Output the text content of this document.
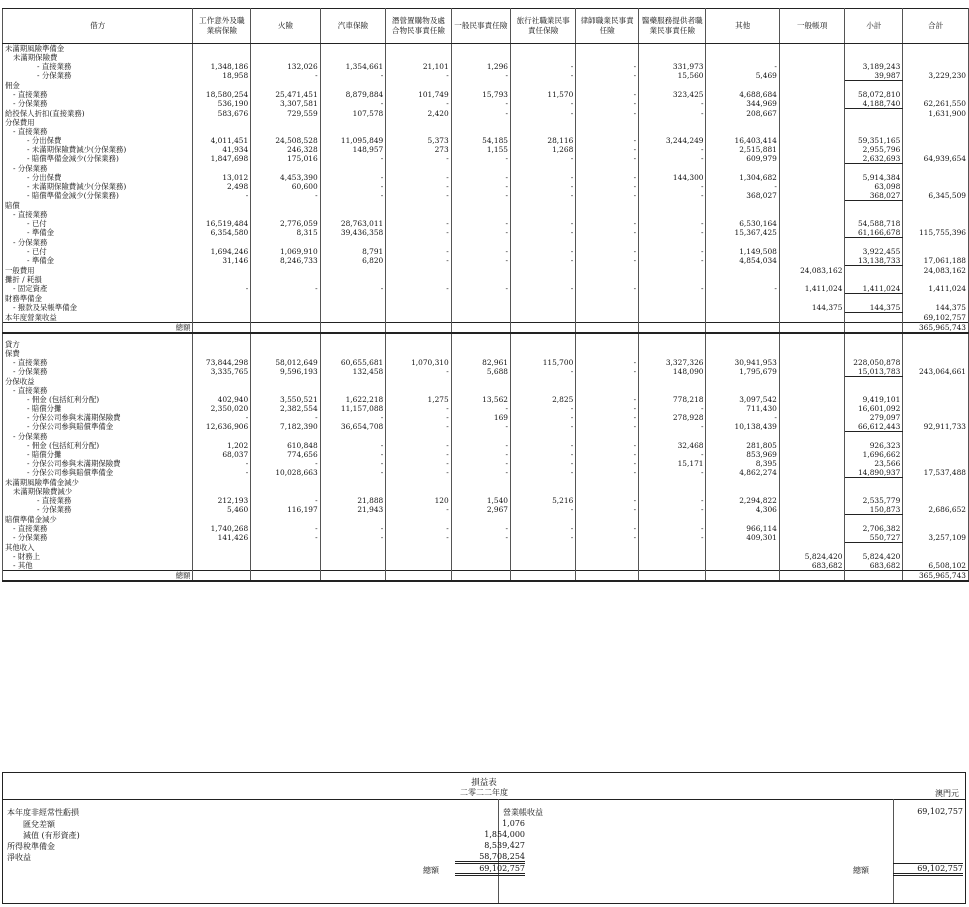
借方	工作意外及職業病保險	火險	汽車保險	潛營置購物及處合物民事責任險	一般民事責任險	旅行社職業民事責任保險	律師職業民事責任險	醫藥服務提供者職業民事責任險	其他	一般帳項	小計	合計
未滿期風險準備金												
未滿期保險費												
- 直接業務	1,348,186	132,026	1,354,661	21,101	1,296	-	-	331,973	-		3,189,243	
- 分保業務	18,958	-	-	-	-	-	-	15,560	5,469		39,987	3,229,230
佣金												
- 直接業務	18,580,254	25,471,451	8,879,884	101,749	15,793	11,570	-	323,425	4,688,684		58,072,810	
- 分保業務	536,190	3,307,581	-	-	-	-	-	-	344,969		4,188,740	62,261,550
給投保人折扣(直接業務)	583,676	729,559	107,578	2,420	-	-	-	-	208,667			1,631,900
分保費用												
- 直接業務												
- 分出保費	4,011,451	24,508,528	11,095,849	5,373	54,185	28,116	-	3,244,249	16,403,414		59,351,165	
- 未滿期保險費減少(分保業務)	41,934	246,328	148,957	273	1,155	1,268	-	-	2,515,881		2,955,796	
- 賠償準備金減少(分保業務)	1,847,698	175,016	-	-	-	-	-	-	609,979		2,632,693	64,939,654
- 分保業務												
- 分出保費	13,012	4,453,390	-	-	-	-	-	144,300	1,304,682		5,914,384	
- 未滿期保險費減少(分保業務)	2,498	60,600	-	-	-	-	-	-	-		63,098	
- 賠償準備金減少(分保業務)	-	-	-	-	-	-	-	-	368,027		368,027	6,345,509
賠償												
- 直接業務												
- 已付	16,519,484	2,776,059	28,763,011	-	-	-	-	-	6,530,164		54,588,718	
- 準備金	6,354,580	8,315	39,436,358	-	-	-	-	-	15,367,425		61,166,678	115,755,396
- 分保業務												
- 已付	1,694,246	1,069,910	8,791	-	-	-	-	-	1,149,508		3,922,455	
- 準備金	31,146	8,246,733	6,820	-	-	-	-	-	4,854,034		13,138,733	17,061,188
一般費用										24,083,162		24,083,162
攤折 / 耗損												
- 固定資產	-	-	-	-	-	-	-	-	-	1,411,024	1,411,024	1,411,024
財務準備金												
- 撥款及呆帳準備金										144,375	144,375	144,375
本年度營業收益												69,102,757
總額												365,965,743

貸方												
保費												
- 直接業務	73,844,298	58,012,649	60,655,681	1,070,310	82,961	115,700	-	3,327,326	30,941,953		228,050,878	
- 分保業務	3,335,765	9,596,193	132,458	-	5,688	-	-	148,090	1,795,679		15,013,783	243,064,661
分保收益												
- 直接業務												
- 佣金 (包括紅利分配)	402,940	3,550,521	1,622,218	1,275	13,562	2,825	-	778,218	3,097,542		9,419,101	
- 賠償分攤	2,350,020	2,382,554	11,157,088	-	-	-	-	-	711,430		16,601,092	
- 分保公司參與未滿期保險費	-	-	-	-	169	-	-	278,928	-		279,097	
- 分保公司參與賠償準備金	12,636,906	7,182,390	36,654,708	-	-	-	-	-	10,138,439		66,612,443	92,911,733
- 分保業務												
- 佣金 (包括紅利分配)	1,202	610,848	-	-	-	-	-	32,468	281,805		926,323	
- 賠償分攤	68,037	774,656	-	-	-	-	-	-	853,969		1,696,662	
- 分保公司參與未滿期保險費	-	-	-	-	-	-	-	15,171	8,395		23,566	
- 分保公司參與賠償準備金	-	10,028,663	-	-	-	-	-	-	4,862,274		14,890,937	17,537,488
未滿期風險準備金減少												
未滿期保險費減少												
- 直接業務	212,193	-	21,888	120	1,540	5,216	-	-	2,294,822		2,535,779	
- 分保業務	5,460	116,197	21,943	-	2,967	-	-	-	4,306		150,873	2,686,652
賠償準備金減少												
- 直接業務	1,740,268	-	-	-	-	-	-	-	966,114		2,706,382	
- 分保業務	141,426	-	-	-	-	-	-	-	409,301		550,727	3,257,109
其他收入												
- 財務上										5,824,420	5,824,420	
- 其他										683,682	683,682	6,508,102
總額												365,965,743
損益表
二零二二年度	澳門元
本年度非經常性虧損
匯兌差額	1,076
減值 (有形資產)	1,854,000
所得稅準備金	8,539,427
淨收益	58,708,254
總額	69,102,757
營業帳收益	69,102,757
總額	69,102,757
